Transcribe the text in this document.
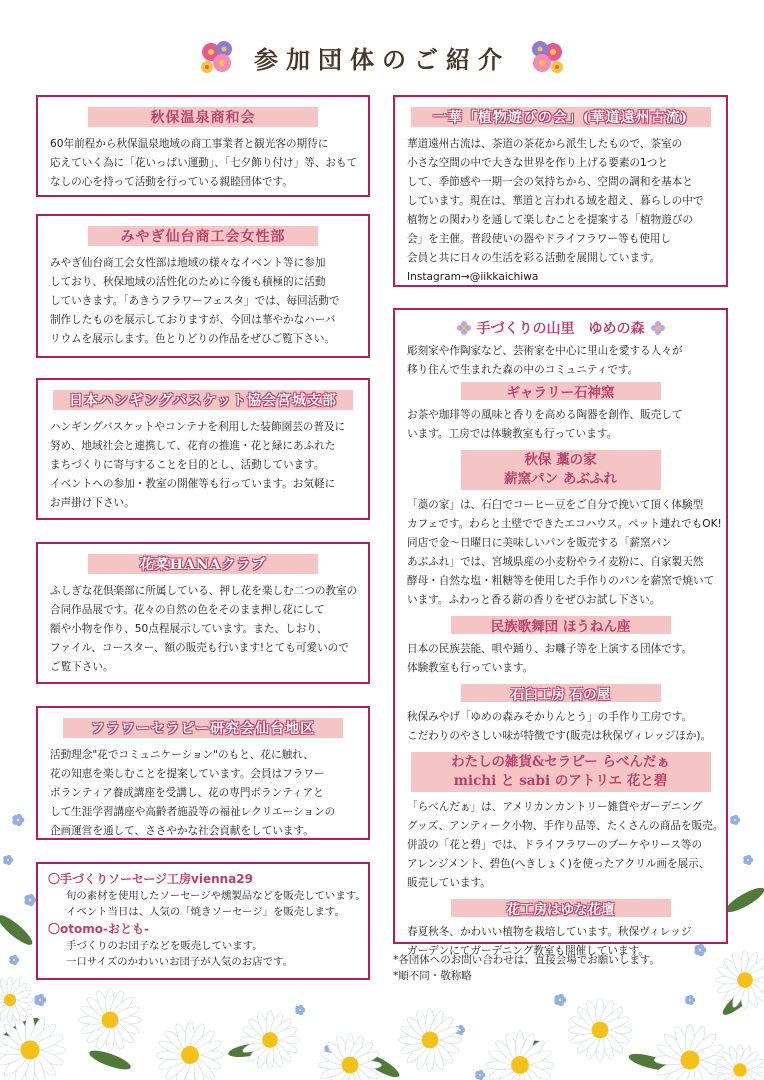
参加団体のご紹介
秋保温泉商和会

60年前程から秋保温泉地域の商工事業者と観光客の期待に

応えていく為に「花いっぱい運動」、「七夕飾り付け」等、おもて

なしの心を持って活動を行っている親睦団体です。

みやぎ仙台商工会女性部

みやぎ仙台商工会女性部は地域の様々なイベント等に参加

しており、秋保地域の活性化のために今後も積極的に活動

していきます。「あきうフラワーフェスタ」では、毎回活動で

制作したものを展示しておりますが、今回は華やかなハーバ

リウムを展示します。色とりどりの作品をぜひご覧下さい。

日本ハンギングバスケット協会宮城支部

ハンギングバスケットやコンテナを利用した装飾園芸の普及に

努め、地域社会と連携して、花育の推進・花と緑にあふれた

まちづくりに寄与することを目的とし、活動しています。

イベントへの参加・教室の開催等も行っています。お気軽に

お声掛け下さい。

花菜HANAクラブ

ふしぎな花倶楽部に所属している、押し花を楽しむ二つの教室の

合同作品展です。花々の自然の色をそのまま押し花にして

額や小物を作り、50点程展示しています。また、しおり、

ファイル、コースター、額の販売も行います!とても可愛いので

ご覧下さい。

フラワーセラピー研究会仙台地区

活動理念"花でコミュニケーション"のもと、花に触れ、

花の知恵を楽しむことを提案しています。会員はフラワー

ボランティア養成講座を受講し、花の専門ボランティアと

して生涯学習講座や高齢者施設等の福祉レクリエーションの

企画運営を通して、ささやかな社会貢献をしています。

〇手づくりソーセージ工房vienna29
旬の素材を使用したソーセージや燻製品などを販売しています。
イベント当日は、人気の「焼きソーセージ」を販売します。
〇otomo-おとも-
手づくりのお団子などを販売しています。
一口サイズのかわいいお団子が人気のお店です。
一華「植物遊びの会」(華道遠州古流)

華道遠州古流は、茶道の茶花から派生したもので、茶室の

小さな空間の中で大きな世界を作り上げる要素の1つと

して、季節感や一期一会の気持ちから、空間の調和を基本と

しています。現在は、華道と言われる域を超え、暮らしの中で

植物との関わりを通して楽しむことを提案する「植物遊びの

会」を主催。普段使いの器やドライフラワー等も使用し

会員と共に日々の生活を彩る活動を展開しています。

Instagram→@iikkaichiwa

手づくりの山里　ゆめの森

彫刻家や作陶家など、芸術家を中心に里山を愛する人々が

移り住んで生まれた森の中のコミュニティです。

ギャラリー石神窯

お茶や珈琲等の風味と香りを高める陶器を創作、販売して

います。工房では体験教室も行っています。

秋保 藁の家
薪窯パン あぶふれ

「藁の家」は、石臼でコーヒー豆をご自分で挽いて頂く体験型

カフェです。わらと土壁でできたエコハウス。ペット連れでもOK!

同店で金～日曜日に美味しいパンを販売する「薪窯パン

あぶふれ」では、宮城県産の小麦粉やライ麦粉に、自家製天然

酵母・自然な塩・粗糖等を使用した手作りのパンを薪窯で焼いて

います。ふわっと香る薪の香りをぜひお試し下さい。

民族歌舞団 ほうねん座

日本の民族芸能、唄や踊り、お囃子等を上演する団体です。

体験教室も行っています。

石臼工房 石の屋

秋保みやげ「ゆめの森みそかりんとう」の手作り工房です。

こだわりのやさしい味が特徴です(販売は秋保ヴィレッジほか)。

わたしの雑貨&セラピー らべんだぁ
michi と sabi のアトリエ 花と碧

「らべんだぁ」は、アメリカンカントリー雑貨やガーデニング

グッズ、アンティーク小物、手作り品等、たくさんの商品を販売。

併設の「花と碧」では、ドライフラワーのブーケやリース等の

アレンジメント、碧色(へきしょく)を使ったアクリル画を展示、

販売しています。

花工房はゆな花壇

春夏秋冬、かわいい植物を栽培しています。秋保ヴィレッジ

ガーデンにてガーデニング教室も開催しています。

*各団体へのお問い合わせは、直接会場でお願いします。
*順不同・敬称略
